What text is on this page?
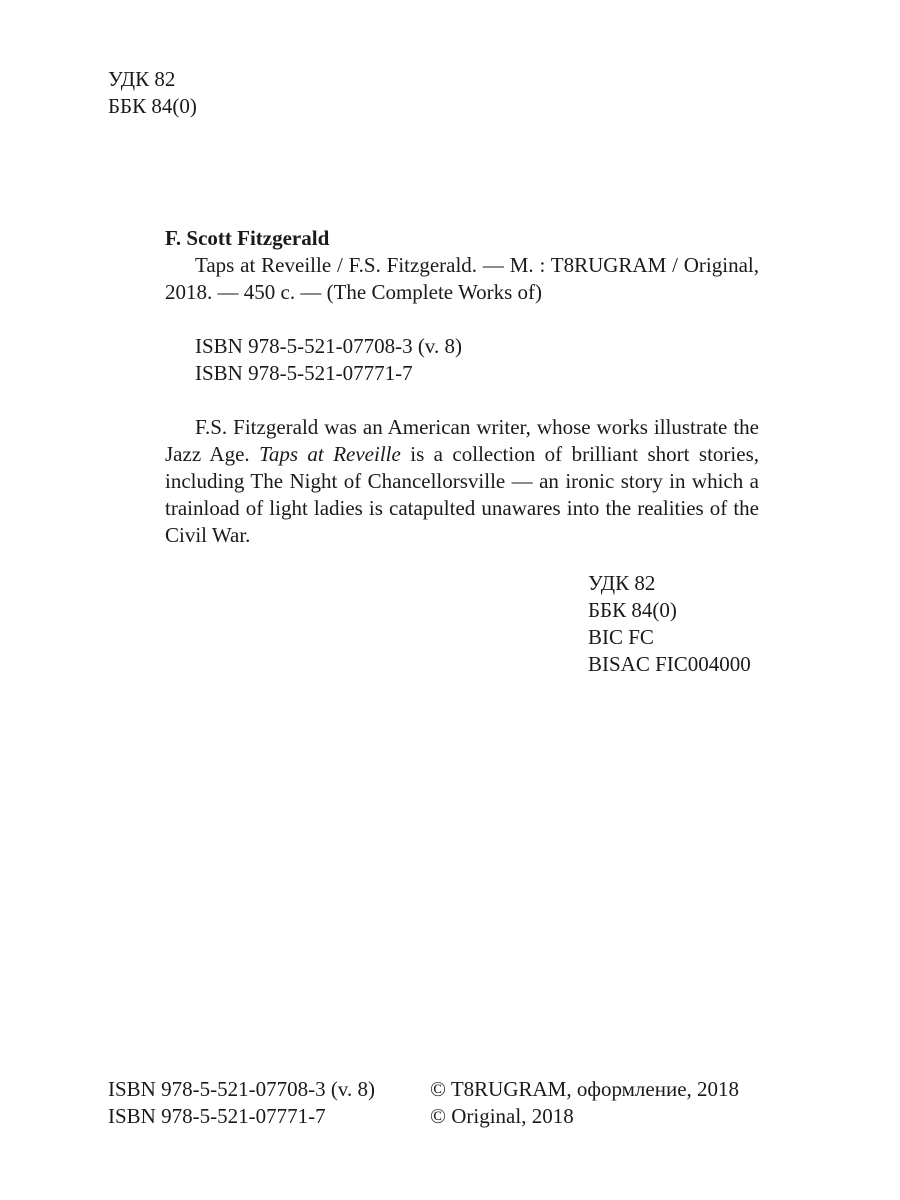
УДК 82
ББК 84(0)

F. Scott Fitzgerald

Taps at Reveille / F.S. Fitzgerald. — M. : T8RUGRAM / Original, 2018. — 450 c. — (The Complete Works of)

ISBN 978-5-521-07708-3 (v. 8)
ISBN 978-5-521-07771-7

F.S. Fitzgerald was an American writer, whose works illustrate the Jazz Age. Taps at Reveille is a collection of brilliant short stories, including The Night of Chancellorsville — an ironic story in which a trainload of light ladies is catapulted unawares into the realities of the Civil War.

УДК 82
ББК 84(0)
BIC FC
BISAC FIC004000
ISBN 978-5-521-07708-3 (v. 8)
ISBN 978-5-521-07771-7
© T8RUGRAM, оформление, 2018
© Original, 2018
